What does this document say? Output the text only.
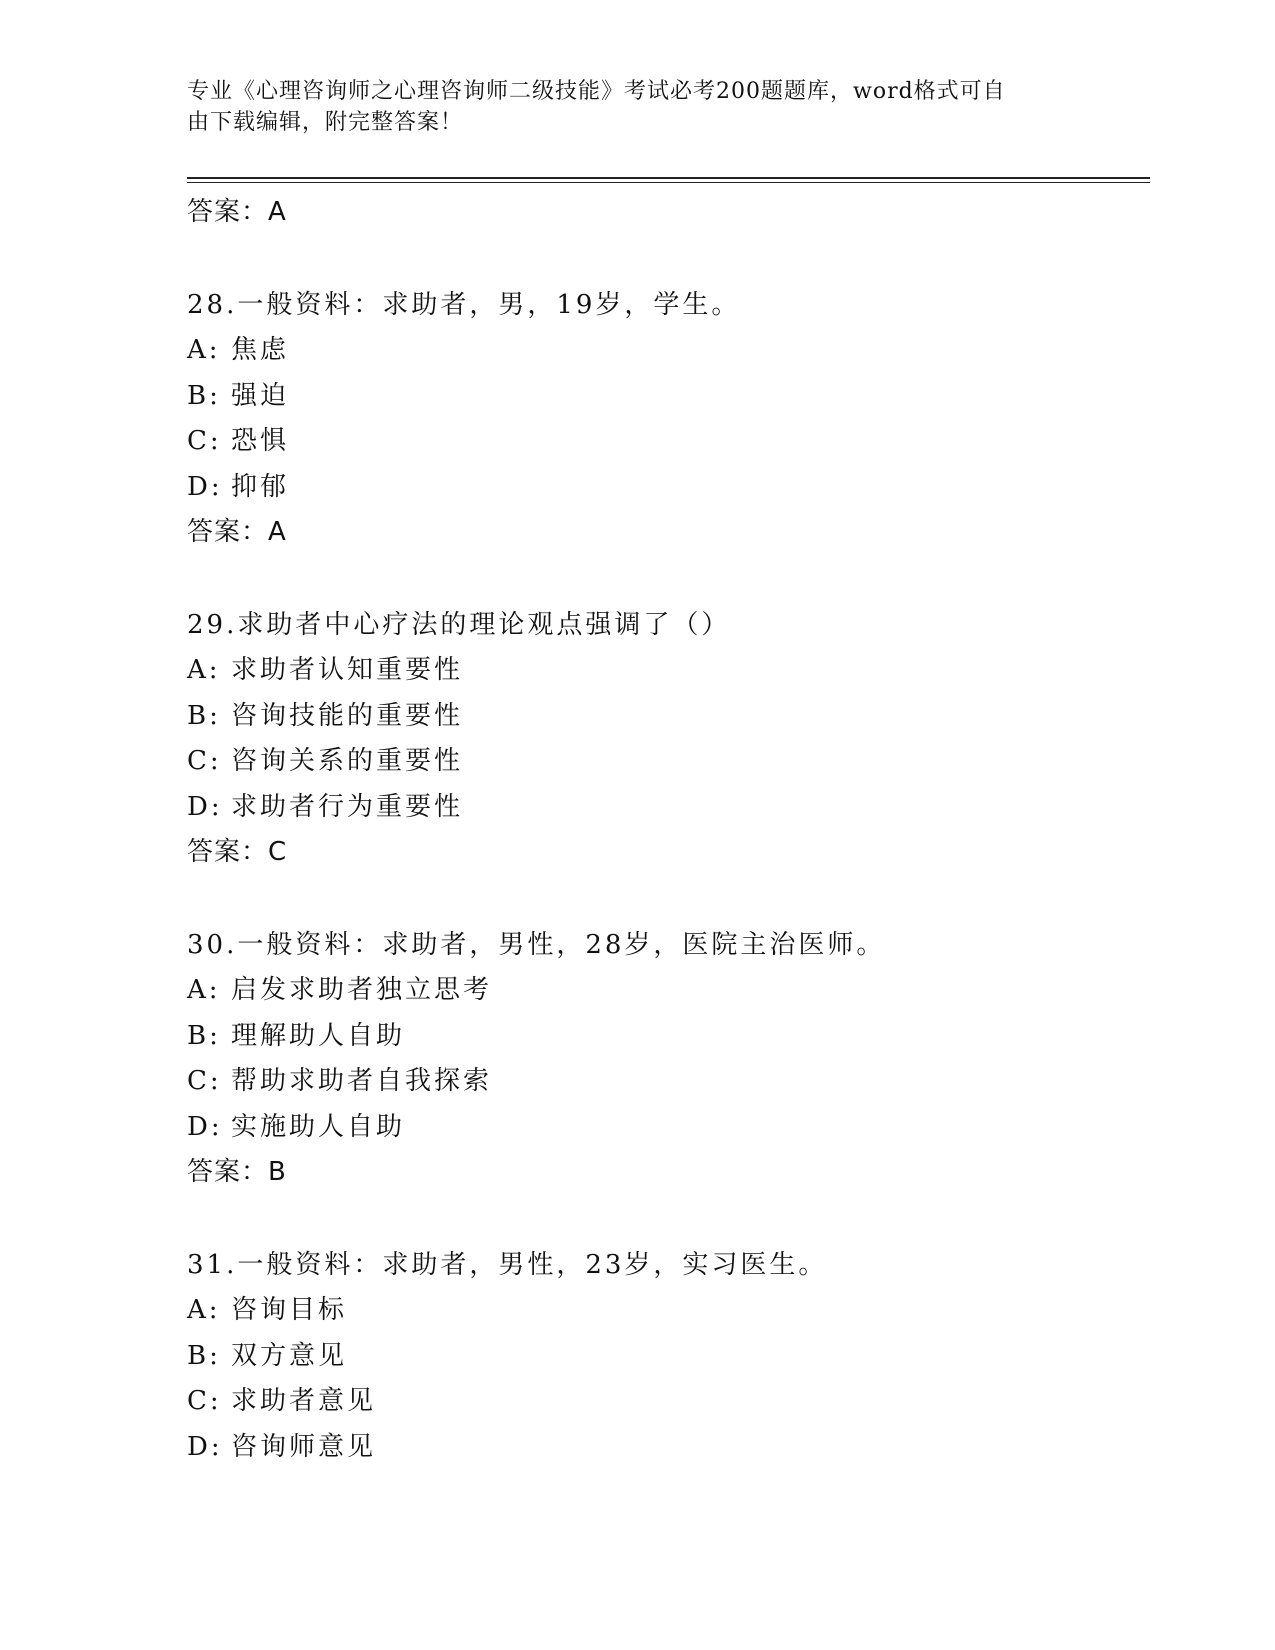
专业《心理咨询师之心理咨询师二级技能》考试必考200题题库，word格式可自
由下载编辑，附完整答案！
答案：A
28.一般资料：求助者，男，19岁，学生。
A: 焦虑
B: 强迫
C: 恐惧
D: 抑郁
答案：A
29.求助者中心疗法的理论观点强调了（）
A: 求助者认知重要性
B: 咨询技能的重要性
C: 咨询关系的重要性
D: 求助者行为重要性
答案：C
30.一般资料：求助者，男性，28岁，医院主治医师。
A: 启发求助者独立思考
B: 理解助人自助
C: 帮助求助者自我探索
D: 实施助人自助
答案：B
31.一般资料：求助者，男性，23岁，实习医生。
A: 咨询目标
B: 双方意见
C: 求助者意见
D: 咨询师意见
